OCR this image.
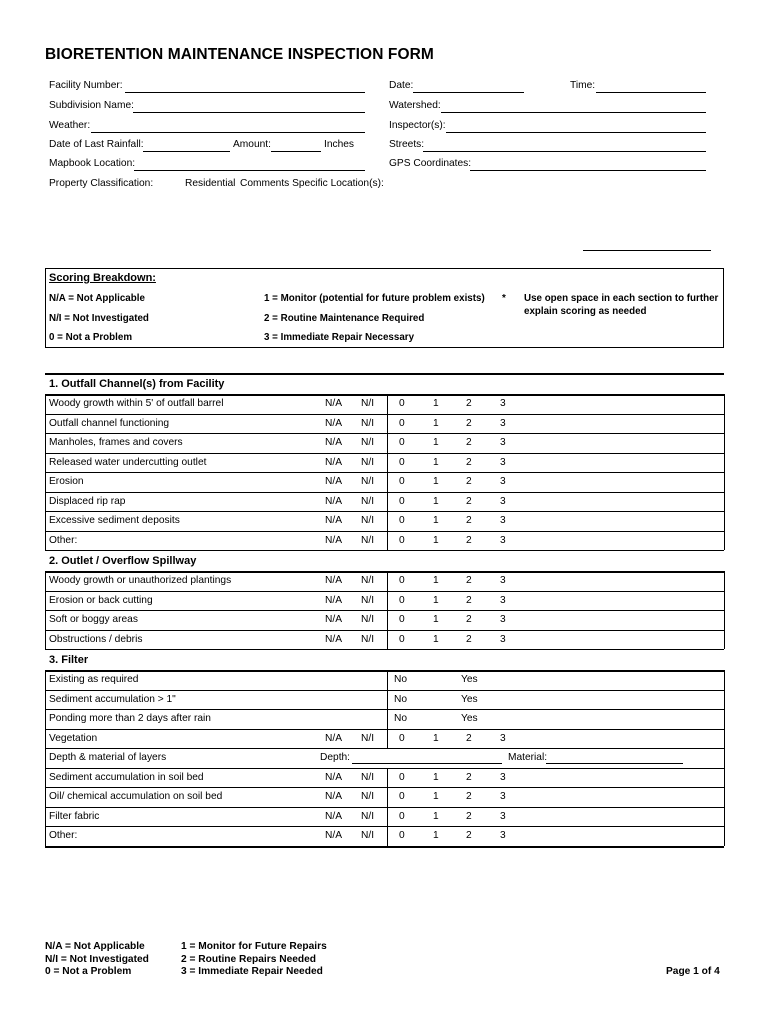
BIORETENTION MAINTENANCE INSPECTION FORM
Facility Number:	Date:	Time:
Subdivision Name:	Watershed:
Weather:	Inspector(s):
Date of Last Rainfall:	Amount:	Inches	Streets:
Mapbook Location:	GPS Coordinates:
Property Classification:	Residential Comments Specific Location(s):
Scoring Breakdown:
N/A = Not Applicable
N/I = Not Investigated
0 = Not a Problem
1 = Monitor (potential for future problem exists)
2 = Routine Maintenance Required
3 = Immediate Repair Necessary
* Use open space in each section to further explain scoring as needed
1. Outfall Channel(s) from Facility
Woody growth within 5' of outfall barrel	N/A N/I 0	1	2	3
Outfall channel functioning	N/A N/I 0	1	2	3
Manholes, frames and covers	N/A N/I 0	1	2	3
Released water undercutting outlet	N/A N/I 0	1	2	3
Erosion	N/A N/I 0	1	2	3
Displaced rip rap	N/A N/I 0	1	2	3
Excessive sediment deposits	N/A N/I 0	1	2	3
Other:	N/A N/I 0	1	2	3
2. Outlet / Overflow Spillway
Woody growth or unauthorized plantings	N/A N/I 0	1	2	3
Erosion or back cutting	N/A N/I 0	1	2	3
Soft or boggy areas	N/A N/I 0	1	2	3
Obstructions / debris	N/A N/I 0	1	2	3
3. Filter
Existing as required	No	Yes
Sediment accumulation > 1"	No	Yes
Ponding more than 2 days after rain	No	Yes
Vegetation	N/A N/I 0	1	2	3
Depth & material of layers	Depth:	Material:
Sediment accumulation in soil bed	N/A N/I 0	1	2	3
Oil/ chemical accumulation on soil bed	N/A N/I 0	1	2	3
Filter fabric	N/A N/I 0	1	2	3
Other:	N/A N/I 0	1	2	3
N/A = Not Applicable
N/I = Not Investigated
0 = Not a Problem
1 = Monitor for Future Repairs
2 = Routine Repairs Needed
3 = Immediate Repair Needed	Page 1 of 4
